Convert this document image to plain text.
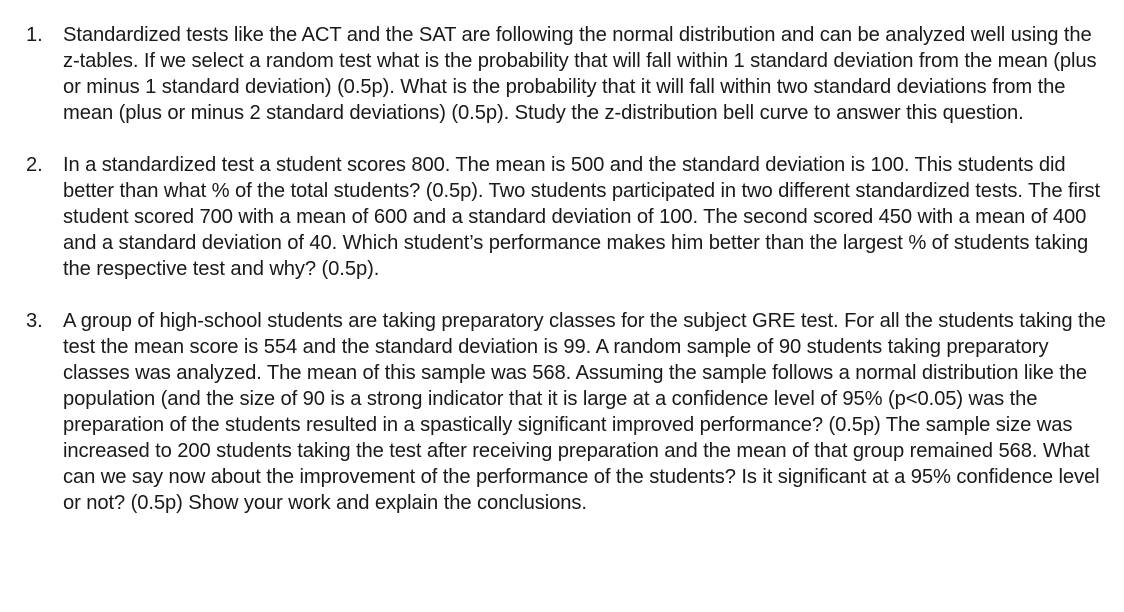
1. Standardized tests like the ACT and the SAT are following the normal distribution and can be analyzed well using the z-tables. If we select a random test what is the probability that will fall within 1 standard deviation from the mean (plus or minus 1 standard deviation) (0.5p). What is the probability that it will fall within two standard deviations from the mean (plus or minus 2 standard deviations) (0.5p). Study the z-distribution bell curve to answer this question.
2. In a standardized test a student scores 800. The mean is 500 and the standard deviation is 100. This students did better than what % of the total students? (0.5p). Two students participated in two different standardized tests. The first student scored 700 with a mean of 600 and a standard deviation of 100. The second scored 450 with a mean of 400 and a standard deviation of 40. Which student’s performance makes him better than the largest % of students taking the respective test and why? (0.5p).
3. A group of high-school students are taking preparatory classes for the subject GRE test. For all the students taking the test the mean score is 554 and the standard deviation is 99. A random sample of 90 students taking preparatory classes was analyzed. The mean of this sample was 568. Assuming the sample follows a normal distribution like the population (and the size of 90 is a strong indicator that it is large at a confidence level of 95% (p<0.05) was the preparation of the students resulted in a spastically significant improved performance? (0.5p) The sample size was increased to 200 students taking the test after receiving preparation and the mean of that group remained 568. What can we say now about the improvement of the performance of the students? Is it significant at a 95% confidence level or not? (0.5p) Show your work and explain the conclusions.
